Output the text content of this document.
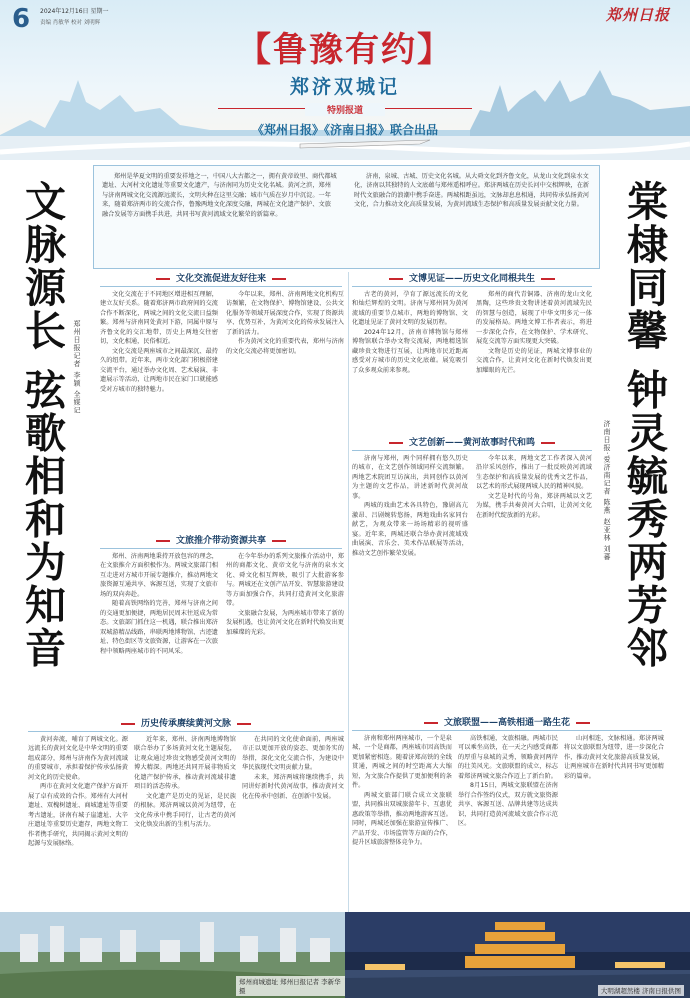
6 2024年12月16日 星期一
责编 肖敏华 校对 刘明辉	郑州日报
【鲁豫有约】
郑济双城记
特别报道
《郑州日报》《济南日报》联合出品
文脉源长 弦歌相和为知音 郑州日报记者 李颖 全媒记	棠棣同馨 钟灵毓秀两芳邻
济南日报·爱济南记者 陈燕 赵亚林 刘蕃

郑州是华夏文明的重要发祥地之一，中国八大古都之一，拥有黄帝故里、商代都城遗址、大河村文化遗址等重要文化遗产，与济南同为历史文化名城。黄河之滨，郑州与济南两城文化交流源远流长，文明火种在这里交融；城市气质在岁月中沉淀。一年来，随着郑济两市的交流合作，鲁豫两地文化深度交融，两城在文化遗产保护、文旅融合发展等方面携手共进，共同书写黄河流域文化繁荣的新篇章。

济南，泉城、古城、历史文化名城。从大舜文化到齐鲁文化，从龙山文化到泉水文化，济南以其独特的人文底蕴与郑州遥相呼应。郑济两城在历史长河中交相辉映，在新时代文旅融合的浪潮中携手奋进。两城相距虽远，文脉却息息相通，共同传承弘扬黄河文化，合力推动文化高质量发展，为黄河流域生态保护和高质量发展贡献文化力量。

文化交流促进友好往来

文化交流在于不同地区增进相互理解，建立友好关系。随着郑济两市政府间的交流合作不断深化，两城之间的文化交流日益频繁。郑州与济南同处黄河下游，同属中原与齐鲁文化的交汇地带，历史上两地交往密切，文化相通，民俗相近。

文化交流是两座城市之间最深沉、最持久的纽带。近年来，两市文化部门积极搭建交流平台，通过举办文化周、艺术展演、非遗展示等活动，让两地市民在家门口就能感受对方城市的独特魅力。

今年以来，郑州、济南两地文化机构互访频繁，在文物保护、博物馆建设、公共文化服务等领域开展深度合作，实现了资源共享、优势互补，为黄河文化的传承发展注入了新的活力。

作为黄河文化的重要代表，郑州与济南的文化交流必将更加密切。

文旅推介带动资源共享

郑州、济南两地秉持开放包容的理念，在文旅推介方面积极作为。两城文旅部门相互走进对方城市开展专题推介，推动两地文旅资源互通共享、客源互送，实现了文旅市场的双向奔赴。

随着高铁网络的完善，郑州与济南之间的交通更加便捷，两地居民周末往返成为常态。文旅部门抓住这一机遇，联合推出郑济双城游精品线路，串联两地博物馆、古迹遗址、特色街区等文旅资源，让游客在一次旅程中领略两座城市的不同风采。

在今年举办的系列文旅推介活动中，郑州的商都文化、黄帝文化与济南的泉水文化、舜文化相互辉映，吸引了大批游客参与。两城还在文创产品开发、智慧旅游建设等方面加强合作，共同打造黄河文化旅游带。

文旅融合发展，为两座城市带来了新的发展机遇，也让黄河文化在新时代焕发出更加璀璨的光彩。

历史传承赓续黄河文脉

黄河奔流，哺育了两城文化。源远流长的黄河文化是中华文明的重要组成部分，郑州与济南作为黄河流域的重要城市，承担着保护传承弘扬黄河文化的历史使命。

两市在黄河文化遗产保护方面开展了卓有成效的合作。郑州有大河村遗址、双槐树遗址、商城遗址等重要考古遗址，济南有城子崖遗址、大辛庄遗址等重要历史遗存，两地文物工作者携手研究，共同揭示黄河文明的起源与发展脉络。

近年来，郑州、济南两地博物馆联合举办了多场黄河文化主题展览，让观众通过珍贵文物感受黄河文明的博大精深。两地还共同开展非物质文化遗产保护传承，推动黄河流域非遗项目的活态传承。

文化遗产是历史的见证，是民族的根脉。郑济两城以黄河为纽带，在文化传承中携手同行，让古老的黄河文化焕发出新的生机与活力。

在共同的文化使命面前，两座城市正以更加开放的姿态、更加务实的举措，深化文化交流合作，为建设中华民族现代文明贡献力量。

未来，郑济两城将继续携手，共同讲好新时代黄河故事，推动黄河文化在传承中创新、在创新中发展。

文博见证——历史文化同根共生

古老的黄河，孕育了源远流长的文化和灿烂辉煌的文明。济南与郑州同为黄河流域的重要节点城市，两地的博物馆、文化遗址见证了黄河文明的发展历程。

2024年12月，济南市博物馆与郑州博物馆联合举办文物交流展，两地精选馆藏珍贵文物进行互展，让两地市民近距离感受对方城市的历史文化底蕴。展览吸引了众多观众前来参观。

郑州的商代青铜器、济南的龙山文化黑陶，这些珍贵文物讲述着黄河流域先民的智慧与创造，展现了中华文明多元一体的发展格局。两地文博工作者表示，将进一步深化合作，在文物保护、学术研究、展览交流等方面实现更大突破。

文物是历史的见证，两城文博事业的交流合作，让黄河文化在新时代焕发出更加耀眼的光芒。

文艺创新——黄河故事时代和鸣

济南与郑州，两个同样拥有悠久历史的城市，在文艺创作领域同样交流频繁。两地艺术院团互访演出，共同创作以黄河为主题的文艺作品，讲述新时代黄河故事。

两城的戏曲艺术各具特色，豫剧高亢激昂、吕剧婉转悠扬，两地戏曲名家同台献艺，为观众带来一场场精彩的视听盛宴。近年来，两城还联合举办黄河流域戏曲展演、音乐会、美术作品联展等活动，推动文艺创作繁荣发展。

今年以来，两地文艺工作者深入黄河沿岸采风创作，推出了一批反映黄河流域生态保护和高质量发展的优秀文艺作品，以艺术的形式展现两城人民的精神风貌。

文艺是时代的号角，郑济两城以文艺为媒，携手共奏黄河大合唱，让黄河文化在新时代绽放新的光彩。

文旅联盟——高铁相通一路生花

济南和郑州两座城市，一个是泉城，一个是商都，两座城市因高铁而更加紧密相连。随着济郑高铁的全线贯通，两城之间的时空距离大大缩短，为文旅合作提供了更加便利的条件。

两城文旅部门联合成立文旅联盟，共同推出双城旅游年卡、互惠优惠政策等举措，推动两地游客互送。同时，两城还加强在旅游宣传推广、产品开发、市场监管等方面的合作，提升区域旅游整体竞争力。

高铁相通，文旅相融。两城市民可以乘坐高铁，在一天之内感受商都的厚重与泉城的灵秀，领略黄河两岸的壮美风光。文旅联盟的成立，标志着郑济两城文旅合作迈上了新台阶。

8月15日，两城文旅联盟在济南举行合作签约仪式，双方就文旅资源共享、客源互送、品牌共建等达成共识，共同打造黄河流域文旅合作示范区。

山河相连，文脉相通。郑济两城将以文旅联盟为纽带，进一步深化合作，推动黄河文化旅游高质量发展，让两座城市在新时代共同书写更加精彩的篇章。

郑州商城遗址 郑州日报记者 李新华 摄	大明湖超然楼 济南日报供图
